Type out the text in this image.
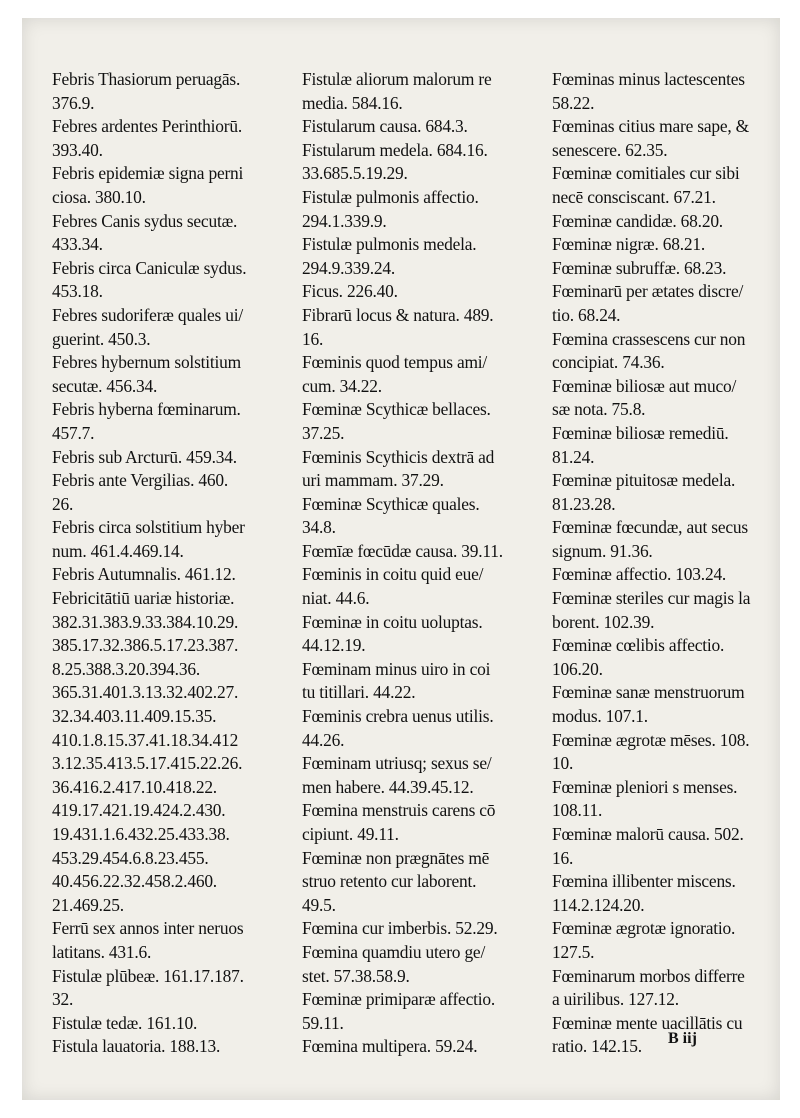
Febris Thasiorum peruagās.
376.9.
Febres ardentes Perinthiorū.
393.40.
Febris epidemiæ signa perni
ciosa. 380.10.
Febres Canis sydus secutæ.
433.34.
Febris circa Caniculæ sydus.
453.18.
Febres sudoriferæ quales ui/
guerint. 450.3.
Febres hybernum solstitium
secutæ. 456.34.
Febris hyberna fœminarum.
457.7.
Febris sub Arcturū. 459.34.
Febris ante Vergilias. 460.
26.
Febris circa solstitium hyber
num. 461.4.469.14.
Febris Autumnalis. 461.12.
Febricitātiū uariæ historiæ.
382.31.383.9.33.384.10.29.
385.17.32.386.5.17.23.387.
8.25.388.3.20.394.36.
365.31.401.3.13.32.402.27.
32.34.403.11.409.15.35.
410.1.8.15.37.41.18.34.412
3.12.35.413.5.17.415.22.26.
36.416.2.417.10.418.22.
419.17.421.19.424.2.430.
19.431.1.6.432.25.433.38.
453.29.454.6.8.23.455.
40.456.22.32.458.2.460.
21.469.25.
Ferrū sex annos inter neruos
latitans. 431.6.
Fistulæ plūbeæ. 161.17.187.
32.
Fistulæ tedæ. 161.10.
Fistula lauatoria. 188.13.
Fistulæ aliorum malorum re
media. 584.16.
Fistularum causa. 684.3.
Fistularum medela. 684.16.
33.685.5.19.29.
Fistulæ pulmonis affectio.
294.1.339.9.
Fistulæ pulmonis medela.
294.9.339.24.
Ficus. 226.40.
Fibrarū locus & natura. 489.
16.
Fœminis quod tempus ami/
cum. 34.22.
Fœminæ Scythicæ bellaces.
37.25.
Fœminis Scythicis dextrā ad
uri mammam. 37.29.
Fœminæ Scythicæ quales.
34.8.
Fœmīæ fœcūdæ causa. 39.11.
Fœminis in coitu quid eue/
niat. 44.6.
Fœminæ in coitu uoluptas.
44.12.19.
Fœminam minus uiro in coi
tu titillari. 44.22.
Fœminis crebra uenus utilis.
44.26.
Fœminam utriusq; sexus se/
men habere. 44.39.45.12.
Fœmina menstruis carens cō
cipiunt. 49.11.
Fœminæ non prægnātes mē
struo retento cur laborent.
49.5.
Fœmina cur imberbis. 52.29.
Fœmina quamdiu utero ge/
stet. 57.38.58.9.
Fœminæ primiparæ affectio.
59.11.
Fœmina multipera. 59.24.
Fœminas minus lactescentes
58.22.
Fœminas citius mare sape, &
senescere. 62.35.
Fœminæ comitiales cur sibi
necē consciscant. 67.21.
Fœminæ candidæ. 68.20.
Fœminæ nigræ. 68.21.
Fœminæ subruffæ. 68.23.
Fœminarū per ætates discre/
tio. 68.24.
Fœmina crassescens cur non
concipiat. 74.36.
Fœminæ biliosæ aut muco/
sæ nota. 75.8.
Fœminæ biliosæ remediū.
81.24.
Fœminæ pituitosæ medela.
81.23.28.
Fœminæ fœcundæ, aut secus
signum. 91.36.
Fœminæ affectio. 103.24.
Fœminæ steriles cur magis la
borent. 102.39.
Fœminæ cœlibis affectio.
106.20.
Fœminæ sanæ menstruorum
modus. 107.1.
Fœminæ ægrotæ mēses. 108.
10.
Fœminæ pleniori s menses.
108.11.
Fœminæ malorū causa. 502.
16.
Fœmina illibenter miscens.
114.2.124.20.
Fœminæ ægrotæ ignoratio.
127.5.
Fœminarum morbos differre
a uirilibus. 127.12.
Fœminæ mente uacillātis cu
ratio. 142.15.	B iij
